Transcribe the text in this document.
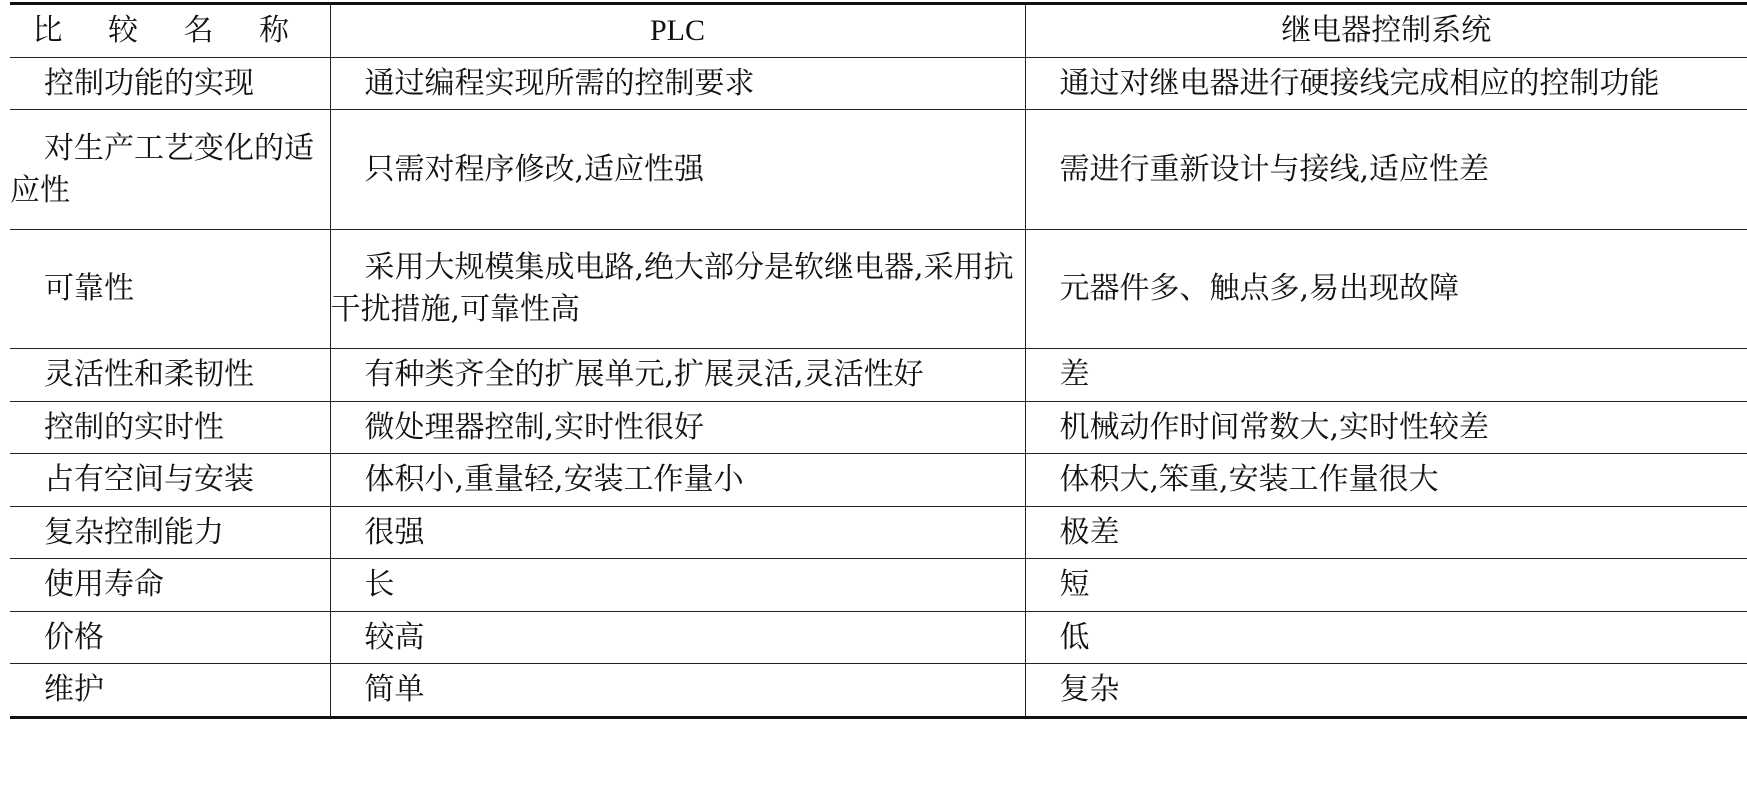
比 较 名 称	PLC	继电器控制系统
控制功能的实现	通过编程实现所需的控制要求	通过对继电器进行硬接线完成相应的控制功能

对生产工艺变化的适应性	只需对程序修改,适应性强	需进行重新设计与接线,适应性差
可靠性	采用大规模集成电路,绝大部分是软继电器,采用抗干扰措施,可靠性高	元器件多、触点多,易出现故障
灵活性和柔韧性	有种类齐全的扩展单元,扩展灵活,灵活性好	差
控制的实时性	微处理器控制,实时性很好	机械动作时间常数大,实时性较差
占有空间与安装	体积小,重量轻,安装工作量小	体积大,笨重,安装工作量很大
复杂控制能力	很强	极差
使用寿命	长	短
价格	较高	低
维护	简单	复杂
